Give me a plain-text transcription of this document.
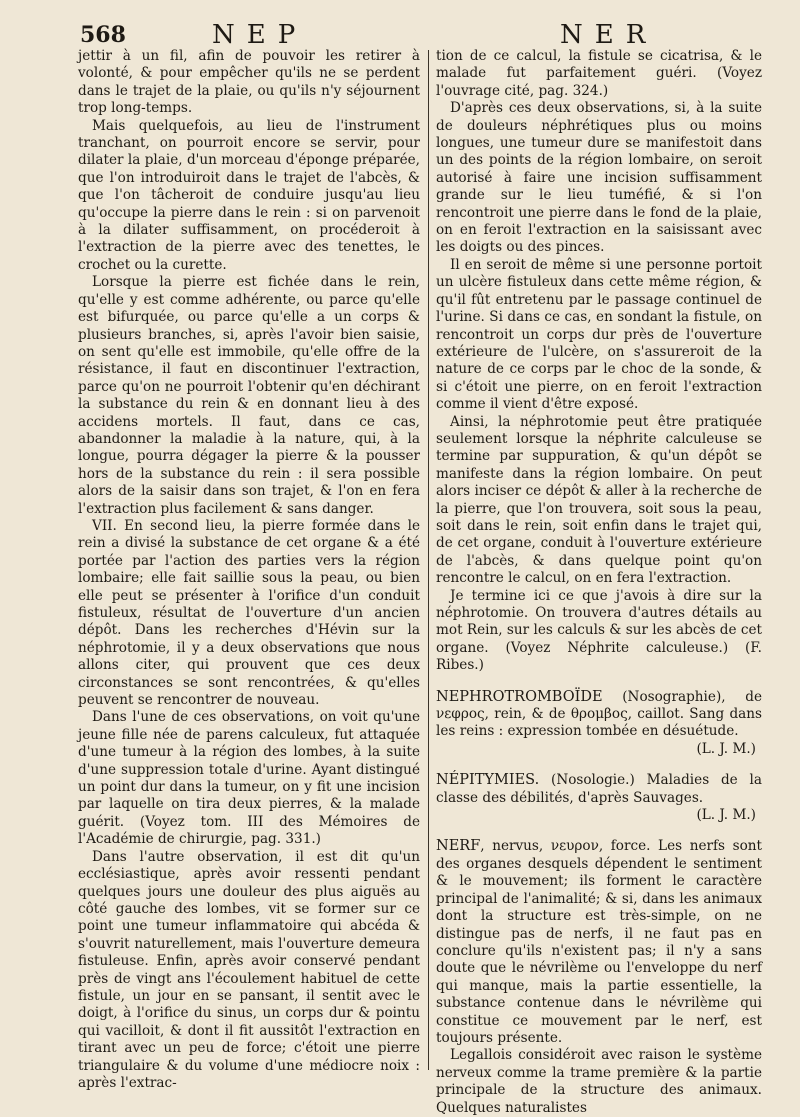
568	NEP	NER

jettir à un fil, afin de pouvoir les retirer à volonté, & pour empêcher qu'ils ne se perdent dans le trajet de la plaie, ou qu'ils n'y séjournent trop long-temps.

Mais quelquefois, au lieu de l'instrument tranchant, on pourroit encore se servir, pour dilater la plaie, d'un morceau d'éponge préparée, que l'on introduiroit dans le trajet de l'abcès, & que l'on tâcheroit de conduire jusqu'au lieu qu'occupe la pierre dans le rein : si on parvenoit à la dilater suffisamment, on procéderoit à l'extraction de la pierre avec des tenettes, le crochet ou la curette.

Lorsque la pierre est fichée dans le rein, qu'elle y est comme adhérente, ou parce qu'elle est bifurquée, ou parce qu'elle a un corps & plusieurs branches, si, après l'avoir bien saisie, on sent qu'elle est immobile, qu'elle offre de la résistance, il faut en discontinuer l'extraction, parce qu'on ne pourroit l'obtenir qu'en déchirant la substance du rein & en donnant lieu à des accidens mortels. Il faut, dans ce cas, abandonner la maladie à la nature, qui, à la longue, pourra dégager la pierre & la pousser hors de la substance du rein : il sera possible alors de la saisir dans son trajet, & l'on en fera l'extraction plus facilement & sans danger.

VII. En second lieu, la pierre formée dans le rein a divisé la substance de cet organe & a été portée par l'action des parties vers la région lombaire; elle fait saillie sous la peau, ou bien elle peut se présenter à l'orifice d'un conduit fistuleux, résultat de l'ouverture d'un ancien dépôt. Dans les recherches d'Hévin sur la néphrotomie, il y a deux observations que nous allons citer, qui prouvent que ces deux circonstances se sont rencontrées, & qu'elles peuvent se rencontrer de nouveau.

Dans l'une de ces observations, on voit qu'une jeune fille née de parens calculeux, fut attaquée d'une tumeur à la région des lombes, à la suite d'une suppression totale d'urine. Ayant distingué un point dur dans la tumeur, on y fit une incision par laquelle on tira deux pierres, & la malade guérit. (Voyez tom. III des Mémoires de l'Académie de chirurgie, pag. 331.)

Dans l'autre observation, il est dit qu'un ecclésiastique, après avoir ressenti pendant quelques jours une douleur des plus aiguës au côté gauche des lombes, vit se former sur ce point une tumeur inflammatoire qui abcéda & s'ouvrit naturellement, mais l'ouverture demeura fistuleuse. Enfin, après avoir conservé pendant près de vingt ans l'écoulement habituel de cette fistule, un jour en se pansant, il sentit avec le doigt, à l'orifice du sinus, un corps dur & pointu qui vacilloit, & dont il fit aussitôt l'extraction en tirant avec un peu de force; c'étoit une pierre triangulaire & du volume d'une médiocre noix : après l'extrac-

tion de ce calcul, la fistule se cicatrisa, & le malade fut parfaitement guéri. (Voyez l'ouvrage cité, pag. 324.)

D'après ces deux observations, si, à la suite de douleurs néphrétiques plus ou moins longues, une tumeur dure se manifestoit dans un des points de la région lombaire, on seroit autorisé à faire une incision suffisamment grande sur le lieu tuméfié, & si l'on rencontroit une pierre dans le fond de la plaie, on en feroit l'extraction en la saisissant avec les doigts ou des pinces.

Il en seroit de même si une personne portoit un ulcère fistuleux dans cette même région, & qu'il fût entretenu par le passage continuel de l'urine. Si dans ce cas, en sondant la fistule, on rencontroit un corps dur près de l'ouverture extérieure de l'ulcère, on s'assureroit de la nature de ce corps par le choc de la sonde, & si c'étoit une pierre, on en feroit l'extraction comme il vient d'être exposé.

Ainsi, la néphrotomie peut être pratiquée seulement lorsque la néphrite calculeuse se termine par suppuration, & qu'un dépôt se manifeste dans la région lombaire. On peut alors inciser ce dépôt & aller à la recherche de la pierre, que l'on trouvera, soit sous la peau, soit dans le rein, soit enfin dans le trajet qui, de cet organe, conduit à l'ouverture extérieure de l'abcès, & dans quelque point qu'on rencontre le calcul, on en fera l'extraction.

Je termine ici ce que j'avois à dire sur la néphrotomie. On trouvera d'autres détails au mot Rein, sur les calculs & sur les abcès de cet organe. (Voyez Néphrite calculeuse.) (F. Ribes.)

NEPHROTROMBOÏDE (Nosographie), de νεφρος, rein, & de θρομβος, caillot. Sang dans les reins : expression tombée en désuétude.

(L. J. M.)

NÉPITYMIES. (Nosologie.) Maladies de la classe des débilités, d'après Sauvages.

(L. J. M.)

NERF, nervus, νευρον, force. Les nerfs sont des organes desquels dépendent le sentiment & le mouvement; ils forment le caractère principal de l'animalité; & si, dans les animaux dont la structure est très-simple, on ne distingue pas de nerfs, il ne faut pas en conclure qu'ils n'existent pas; il n'y a sans doute que le névrilème ou l'enveloppe du nerf qui manque, mais la partie essentielle, la substance contenue dans le névrilème qui constitue ce mouvement par le nerf, est toujours présente.

Legallois considéroit avec raison le système nerveux comme la trame première & la partie principale de la structure des animaux. Quelques naturalistes
